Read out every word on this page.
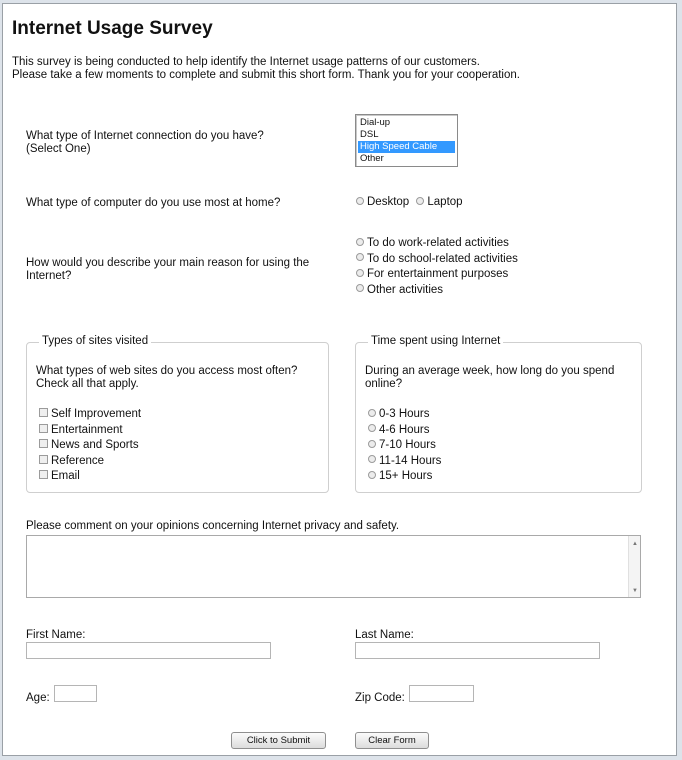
Internet Usage Survey
This survey is being conducted to help identify the Internet usage patterns of our customers.
Please take a few moments to complete and submit this short form. Thank you for your cooperation.
What type of Internet connection do you have?
(Select One)
Dial-up
DSL
High Speed Cable
Other
What type of computer do you use most at home?	Desktop Laptop
How would you describe your main reason for using the
Internet?
To do work-related activities
To do school-related activities
For entertainment purposes
Other activities
Types of sites visited
What types of web sites do you access most often?
Check all that apply.
Self Improvement
Entertainment
News and Sports
Reference
Email
Time spent using Internet
During an average week, how long do you spend
online?
0-3 Hours
4-6 Hours
7-10 Hours
11-14 Hours
15+ Hours
Please comment on your opinions concerning Internet privacy and safety.
▲
▼
First Name:	Last Name:
Age:	Zip Code:
Click to Submit	Clear Form
